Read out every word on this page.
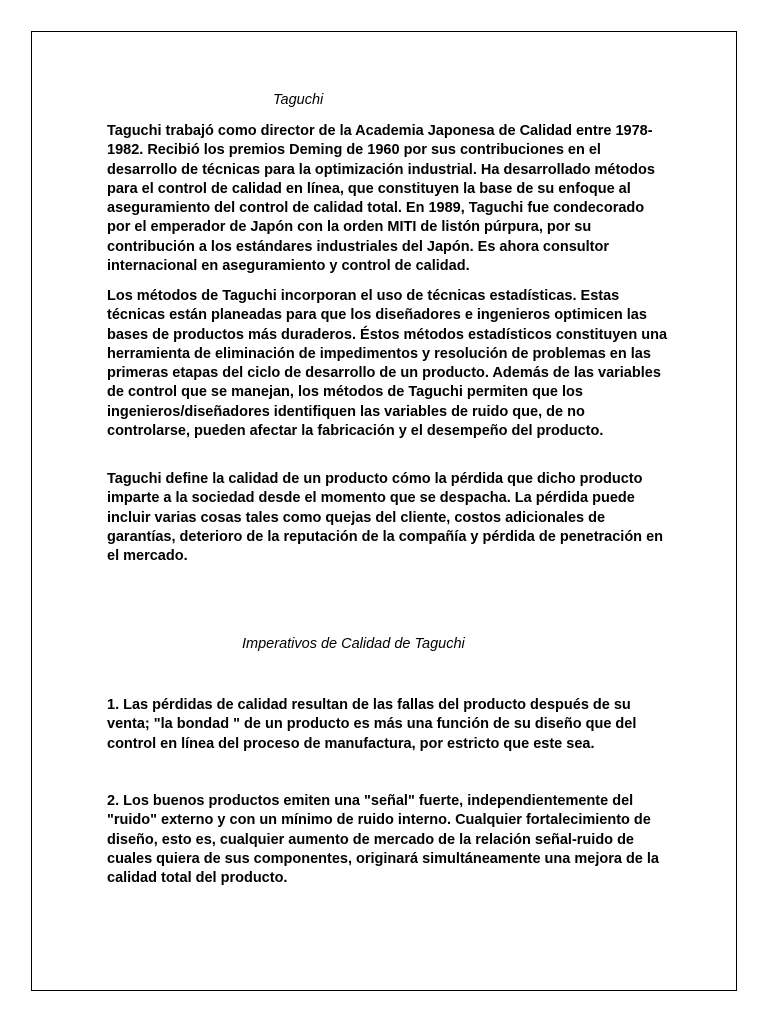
Taguchi

Taguchi trabajó como director de la Academia Japonesa de Calidad entre 1978-1982. Recibió los premios Deming de 1960 por sus contribuciones en el desarrollo de técnicas para la optimización industrial. Ha desarrollado métodos para el control de calidad en línea, que constituyen la base de su enfoque al aseguramiento del control de calidad total. En 1989, Taguchi fue condecorado por el emperador de Japón con la orden MITI de listón púrpura, por su contribución a los estándares industriales del Japón. Es ahora consultor internacional en aseguramiento y control de calidad.

Los métodos de Taguchi incorporan el uso de técnicas estadísticas. Estas técnicas están planeadas para que los diseñadores e ingenieros optimicen las bases de productos más duraderos. Éstos métodos estadísticos constituyen una herramienta de eliminación de impedimentos y resolución de problemas en las primeras etapas del ciclo de desarrollo de un producto. Además de las variables de control que se manejan, los métodos de Taguchi permiten que los ingenieros/diseñadores identifiquen las variables de ruido que, de no controlarse, pueden afectar la fabricación y el desempeño del producto.

Taguchi define la calidad de un producto cómo la pérdida que dicho producto imparte a la sociedad desde el momento que se despacha. La pérdida puede incluir varias cosas tales como quejas del cliente, costos adicionales de garantías, deterioro de la reputación de la compañía y pérdida de penetración en el mercado.

Imperativos de Calidad de Taguchi

1. Las pérdidas de calidad resultan de las fallas del producto después de su venta; "la bondad " de un producto es más una función de su diseño que del control en línea del proceso de manufactura, por estricto que este sea.

2. Los buenos productos emiten una "señal" fuerte, independientemente del "ruido" externo y con un mínimo de ruido interno. Cualquier fortalecimiento de diseño, esto es, cualquier aumento de mercado de la relación señal-ruido de cuales quiera de sus componentes, originará simultáneamente una mejora de la calidad total del producto.
